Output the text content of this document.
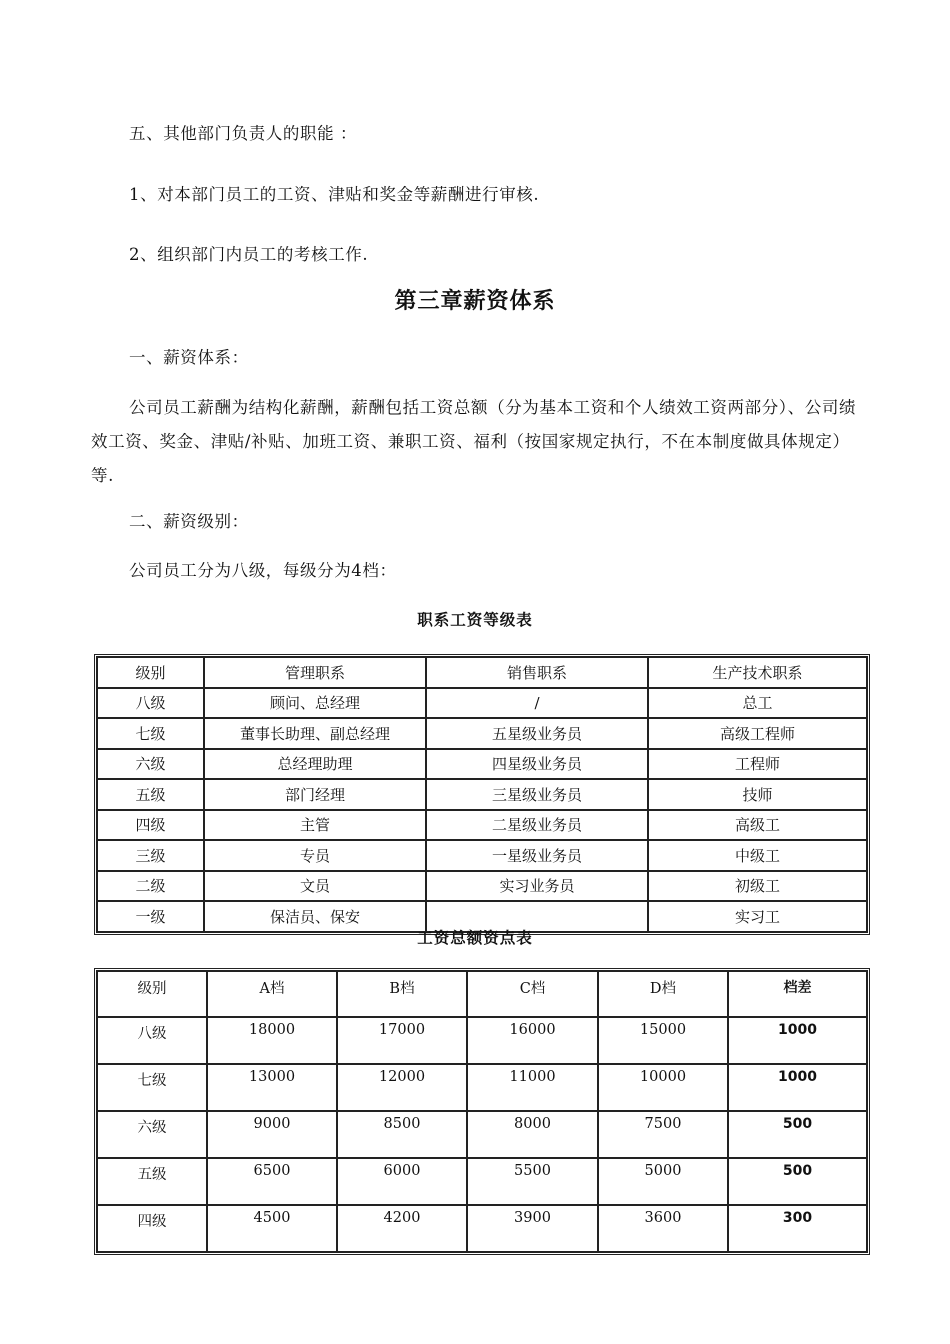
五、其他部门负责人的职能 ：

1、对本部门员工的工资、津贴和奖金等薪酬进行审核.

2、组织部门内员工的考核工作.

第三章薪资体系

一、薪资体系：

公司员工薪酬为结构化薪酬，薪酬包括工资总额（分为基本工资和个人绩效工资两部分）、公司绩效工资、奖金、津贴/补贴、加班工资、兼职工资、福利（按国家规定执行，不在本制度做具体规定）等.

二、薪资级别：

公司员工分为八级，每级分为4档：

职系工资等级表

级别	管理职系	销售职系	生产技术职系
八级	顾问、总经理	/	总工
七级	董事长助理、副总经理	五星级业务员	高级工程师
六级	总经理助理	四星级业务员	工程师
五级	部门经理	三星级业务员	技师
四级	主管	二星级业务员	高级工
三级	专员	一星级业务员	中级工
二级	文员	实习业务员	初级工
一级	保洁员、保安		实习工

工资总额资点表

级别	A档	B档	C档	D档	档差
八级	18000	17000	16000	15000	1000
七级	13000	12000	11000	10000	1000
六级	9000	8500	8000	7500	500
五级	6500	6000	5500	5000	500
四级	4500	4200	3900	3600	300
